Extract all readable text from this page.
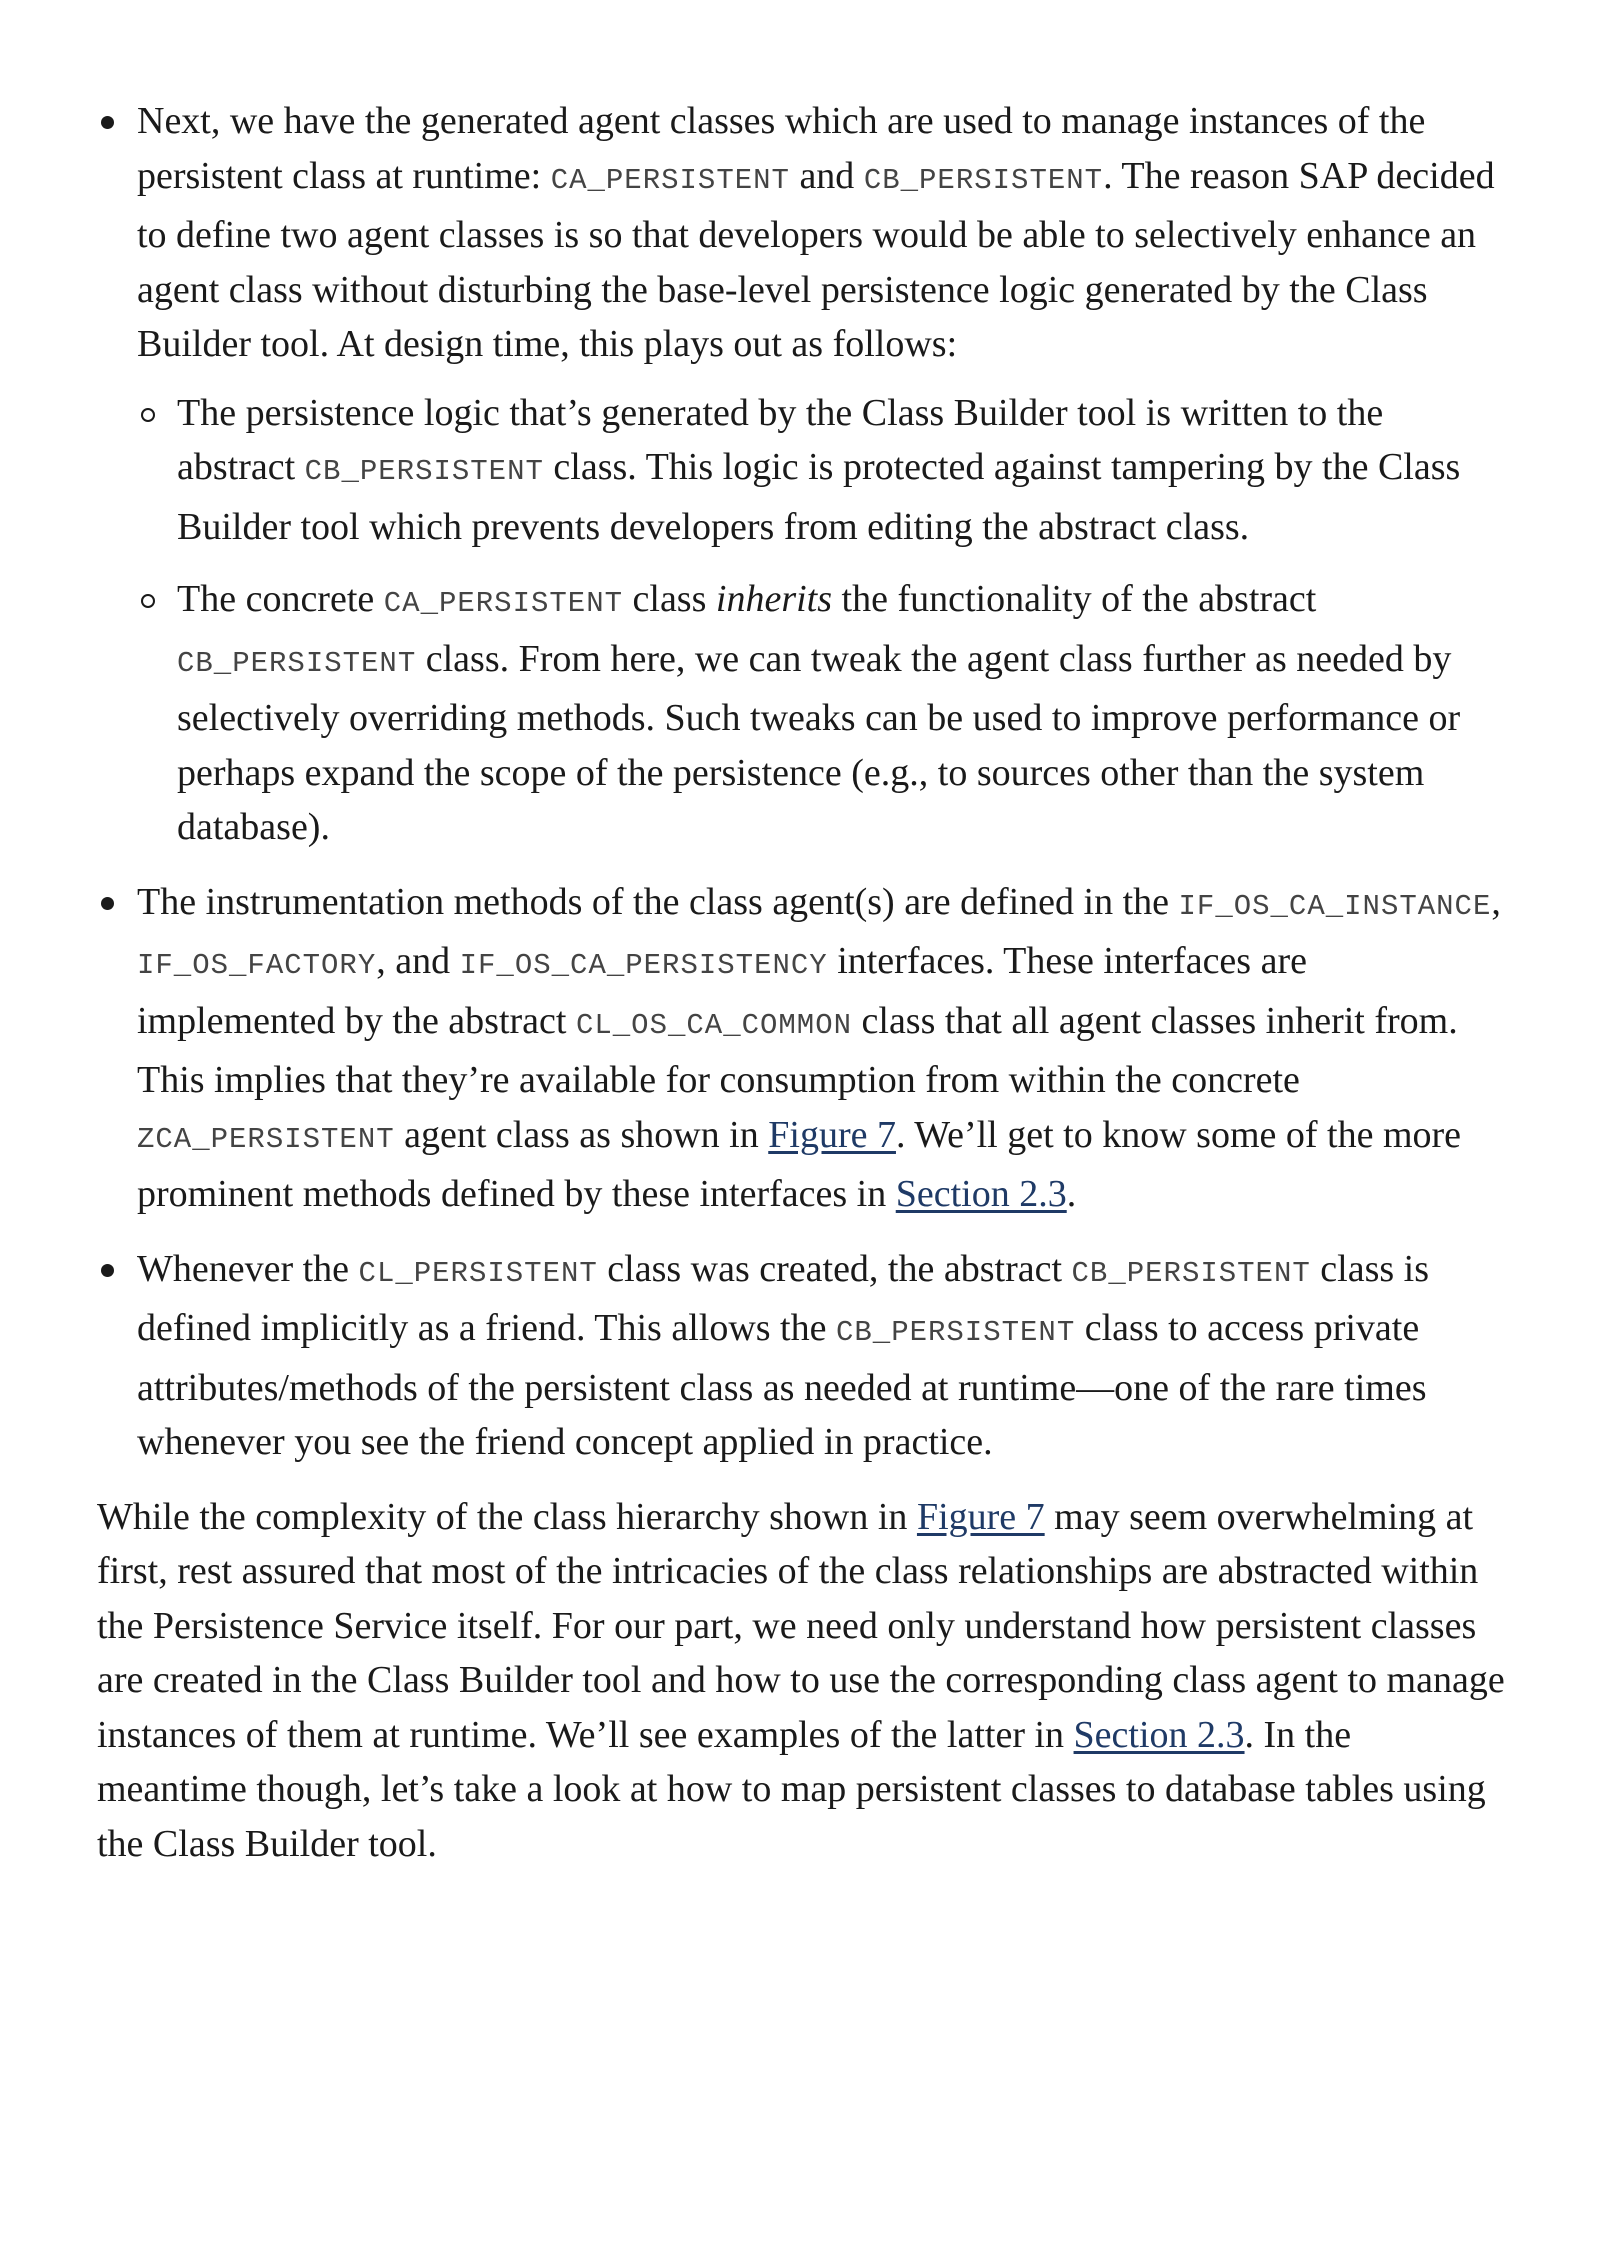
Next, we have the generated agent classes which are used to manage instances of the persistent class at runtime: CA_PERSISTENT and CB_PERSISTENT. The reason SAP decided to define two agent classes is so that developers would be able to selectively enhance an agent class without disturbing the base-level persistence logic generated by the Class Builder tool. At design time, this plays out as follows:
The persistence logic that’s generated by the Class Builder tool is written to the abstract CB_PERSISTENT class. This logic is protected against tampering by the Class Builder tool which prevents developers from editing the abstract class.
The concrete CA_PERSISTENT class inherits the functionality of the abstract CB_PERSISTENT class. From here, we can tweak the agent class further as needed by selectively overriding methods. Such tweaks can be used to improve performance or perhaps expand the scope of the persistence (e.g., to sources other than the system database).
The instrumentation methods of the class agent(s) are defined in the IF_OS_CA_INSTANCE, IF_OS_FACTORY, and IF_OS_CA_PERSISTENCY interfaces. These interfaces are implemented by the abstract CL_OS_CA_COMMON class that all agent classes inherit from. This implies that they’re available for consumption from within the concrete ZCA_PERSISTENT agent class as shown in Figure 7. We’ll get to know some of the more prominent methods defined by these interfaces in Section 2.3.
Whenever the CL_PERSISTENT class was created, the abstract CB_PERSISTENT class is defined implicitly as a friend. This allows the CB_PERSISTENT class to access private attributes/methods of the persistent class as needed at runtime—one of the rare times whenever you see the friend concept applied in practice.

While the complexity of the class hierarchy shown in Figure 7 may seem overwhelming at first, rest assured that most of the intricacies of the class relationships are abstracted within the Persistence Service itself. For our part, we need only understand how persistent classes are created in the Class Builder tool and how to use the corresponding class agent to manage instances of them at runtime. We’ll see examples of the latter in Section 2.3. In the meantime though, let’s take a look at how to map persistent classes to database tables using the Class Builder tool.
